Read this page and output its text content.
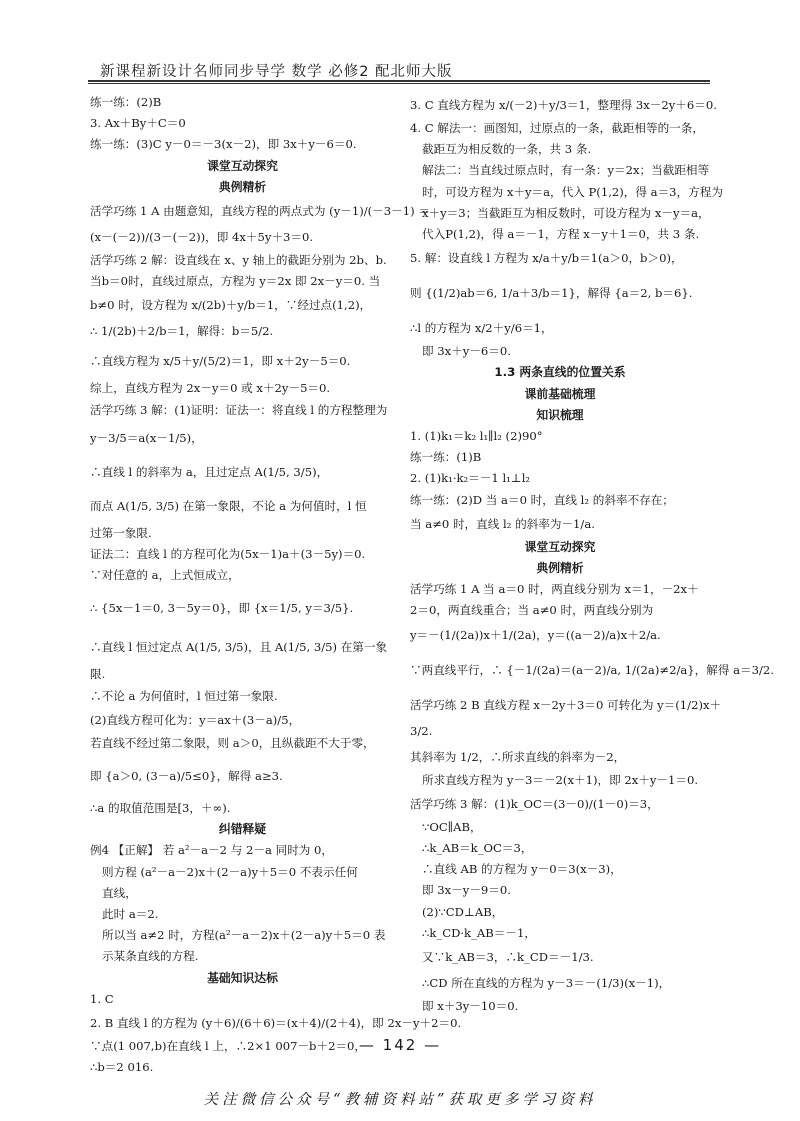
新课程新设计名师同步导学 数学 必修2 配北师大版
练一练：(2)B
3. Ax＋By＋C＝0
练一练：(3)C y－0＝－3(x－2)，即 3x＋y－6＝0.
课堂互动探究
典例精析
活学巧练 1 A 由题意知，直线方程的两点式为 (y－1)/(－3－1) ＝
(x－(－2))/(3－(－2))，即 4x＋5y＋3＝0.
活学巧练 2 解：设直线在 x、y 轴上的截距分别为 2b、b.
当b＝0时，直线过原点，方程为 y＝2x 即 2x－y＝0. 当
b≠0 时，设方程为 x/(2b)＋y/b＝1，∵经过点(1,2)，
∴ 1/(2b)＋2/b＝1，解得：b＝5/2.
∴直线方程为 x/5＋y/(5/2)＝1，即 x＋2y－5＝0.
综上，直线方程为 2x－y＝0 或 x＋2y－5＝0.
活学巧练 3 解：(1)证明：证法一：将直线 l 的方程整理为
y－3/5＝a(x－1/5)，
∴直线 l 的斜率为 a，且过定点 A(1/5, 3/5)，
而点 A(1/5, 3/5) 在第一象限，不论 a 为何值时，l 恒
过第一象限.
证法二：直线 l 的方程可化为(5x－1)a＋(3－5y)＝0.
∵对任意的 a，上式恒成立，
∴ {5x－1＝0, 3－5y＝0}，即 {x＝1/5, y＝3/5}.
∴直线 l 恒过定点 A(1/5, 3/5)，且 A(1/5, 3/5) 在第一象
限.
∴不论 a 为何值时，l 恒过第一象限.
(2)直线方程可化为：y＝ax＋(3－a)/5，
若直线不经过第二象限，则 a＞0，且纵截距不大于零，
即 {a＞0, (3－a)/5≤0}，解得 a≥3.
∴a 的取值范围是[3，＋∞).
纠错释疑
例4 【正解】 若 a²－a－2 与 2－a 同时为 0，
则方程 (a²－a－2)x＋(2－a)y＋5＝0 不表示任何
直线，
此时 a＝2.
所以当 a≠2 时，方程(a²－a－2)x＋(2－a)y＋5＝0 表
示某条直线的方程.
基础知识达标
1. C
2. B 直线 l 的方程为 (y＋6)/(6＋6)＝(x＋4)/(2＋4)，即 2x－y＋2＝0.
∵点(1 007,b)在直线 l 上，∴2×1 007－b＋2＝0，
∴b＝2 016.
3. C 直线方程为 x/(－2)＋y/3＝1，整理得 3x－2y＋6＝0.
4. C 解法一：画图知，过原点的一条，截距相等的一条，
截距互为相反数的一条，共 3 条.
解法二：当直线过原点时，有一条：y＝2x；当截距相等
时，可设方程为 x＋y＝a，代入 P(1,2)，得 a＝3，方程为
x＋y＝3；当截距互为相反数时，可设方程为 x－y＝a，
代入P(1,2)，得 a＝－1，方程 x－y＋1＝0，共 3 条.
5. 解：设直线 l 方程为 x/a＋y/b＝1(a＞0，b＞0)，
则 {(1/2)ab＝6, 1/a＋3/b＝1}，解得 {a＝2, b＝6}.
∴l 的方程为 x/2＋y/6＝1，
即 3x＋y－6＝0.
1.3 两条直线的位置关系
课前基础梳理
知识梳理
1. (1)k₁＝k₂ l₁∥l₂ (2)90°
练一练：(1)B
2. (1)k₁·k₂＝－1 l₁⊥l₂
练一练：(2)D 当 a＝0 时，直线 l₂ 的斜率不存在；
当 a≠0 时，直线 l₂ 的斜率为－1/a.
课堂互动探究
典例精析
活学巧练 1 A 当 a＝0 时，两直线分别为 x＝1，－2x＋
2＝0，两直线重合；当 a≠0 时，两直线分别为
y＝－(1/(2a))x＋1/(2a)，y＝((a－2)/a)x＋2/a.
∵两直线平行，∴ {－1/(2a)＝(a－2)/a, 1/(2a)≠2/a}，解得 a＝3/2.
活学巧练 2 B 直线方程 x－2y＋3＝0 可转化为 y＝(1/2)x＋
3/2.
其斜率为 1/2，∴所求直线的斜率为－2，
所求直线方程为 y－3＝－2(x＋1)，即 2x＋y－1＝0.
活学巧练 3 解：(1)k_OC＝(3－0)/(1－0)＝3，
∵OC∥AB，
∴k_AB＝k_OC＝3，
∴直线 AB 的方程为 y－0＝3(x－3)，
即 3x－y－9＝0.
(2)∵CD⊥AB，
∴k_CD·k_AB＝－1，
又∵k_AB＝3，∴k_CD＝－1/3.
∴CD 所在直线的方程为 y－3＝－(1/3)(x－1)，
即 x＋3y－10＝0.
— 142 —
关注微信公众号“教辅资料站”获取更多学习资料
